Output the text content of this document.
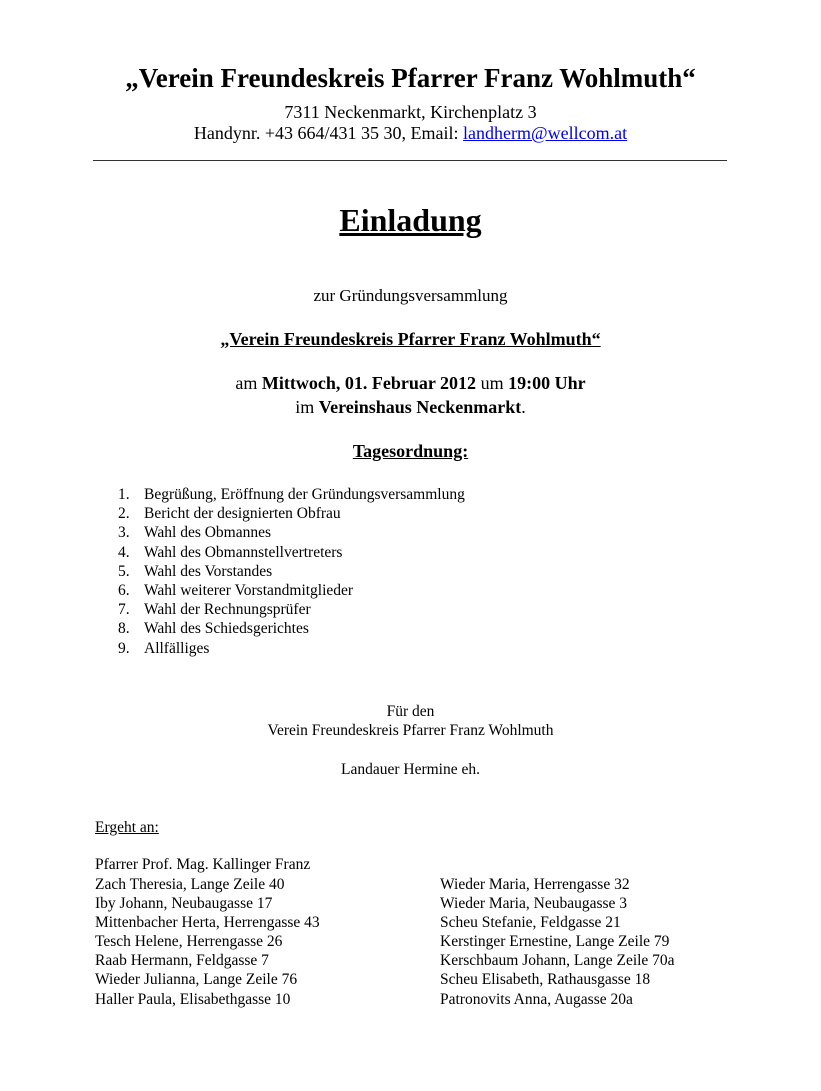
„Verein Freundeskreis Pfarrer Franz Wohlmuth“
7311 Neckenmarkt, Kirchenplatz 3
Handynr. +43 664/431 35 30, Email: landherm@wellcom.at
Einladung
zur Gründungsversammlung
„Verein Freundeskreis Pfarrer Franz Wohlmuth“
am Mittwoch, 01. Februar 2012 um 19:00 Uhr
im Vereinshaus Neckenmarkt.
Tagesordnung:
1. Begrüßung, Eröffnung der Gründungsversammlung
2. Bericht der designierten Obfrau
3. Wahl des Obmannes
4. Wahl des Obmannstellvertreters
5. Wahl des Vorstandes
6. Wahl weiterer Vorstandmitglieder
7. Wahl der Rechnungsprüfer
8. Wahl des Schiedsgerichtes
9. Allfälliges
Für den
Verein Freundeskreis Pfarrer Franz Wohlmuth
Landauer Hermine eh.
Ergeht an:
Pfarrer Prof. Mag. Kallinger Franz
Zach Theresia, Lange Zeile 40
Iby Johann, Neubaugasse 17
Mittenbacher Herta, Herrengasse 43
Tesch Helene, Herrengasse 26
Raab Hermann, Feldgasse 7
Wieder Julianna, Lange Zeile 76
Haller Paula, Elisabethgasse 10
Wieder Maria, Herrengasse 32
Wieder Maria, Neubaugasse 3
Scheu Stefanie, Feldgasse 21
Kerstinger Ernestine, Lange Zeile 79
Kerschbaum Johann, Lange Zeile 70a
Scheu Elisabeth, Rathausgasse 18
Patronovits Anna, Augasse 20a
